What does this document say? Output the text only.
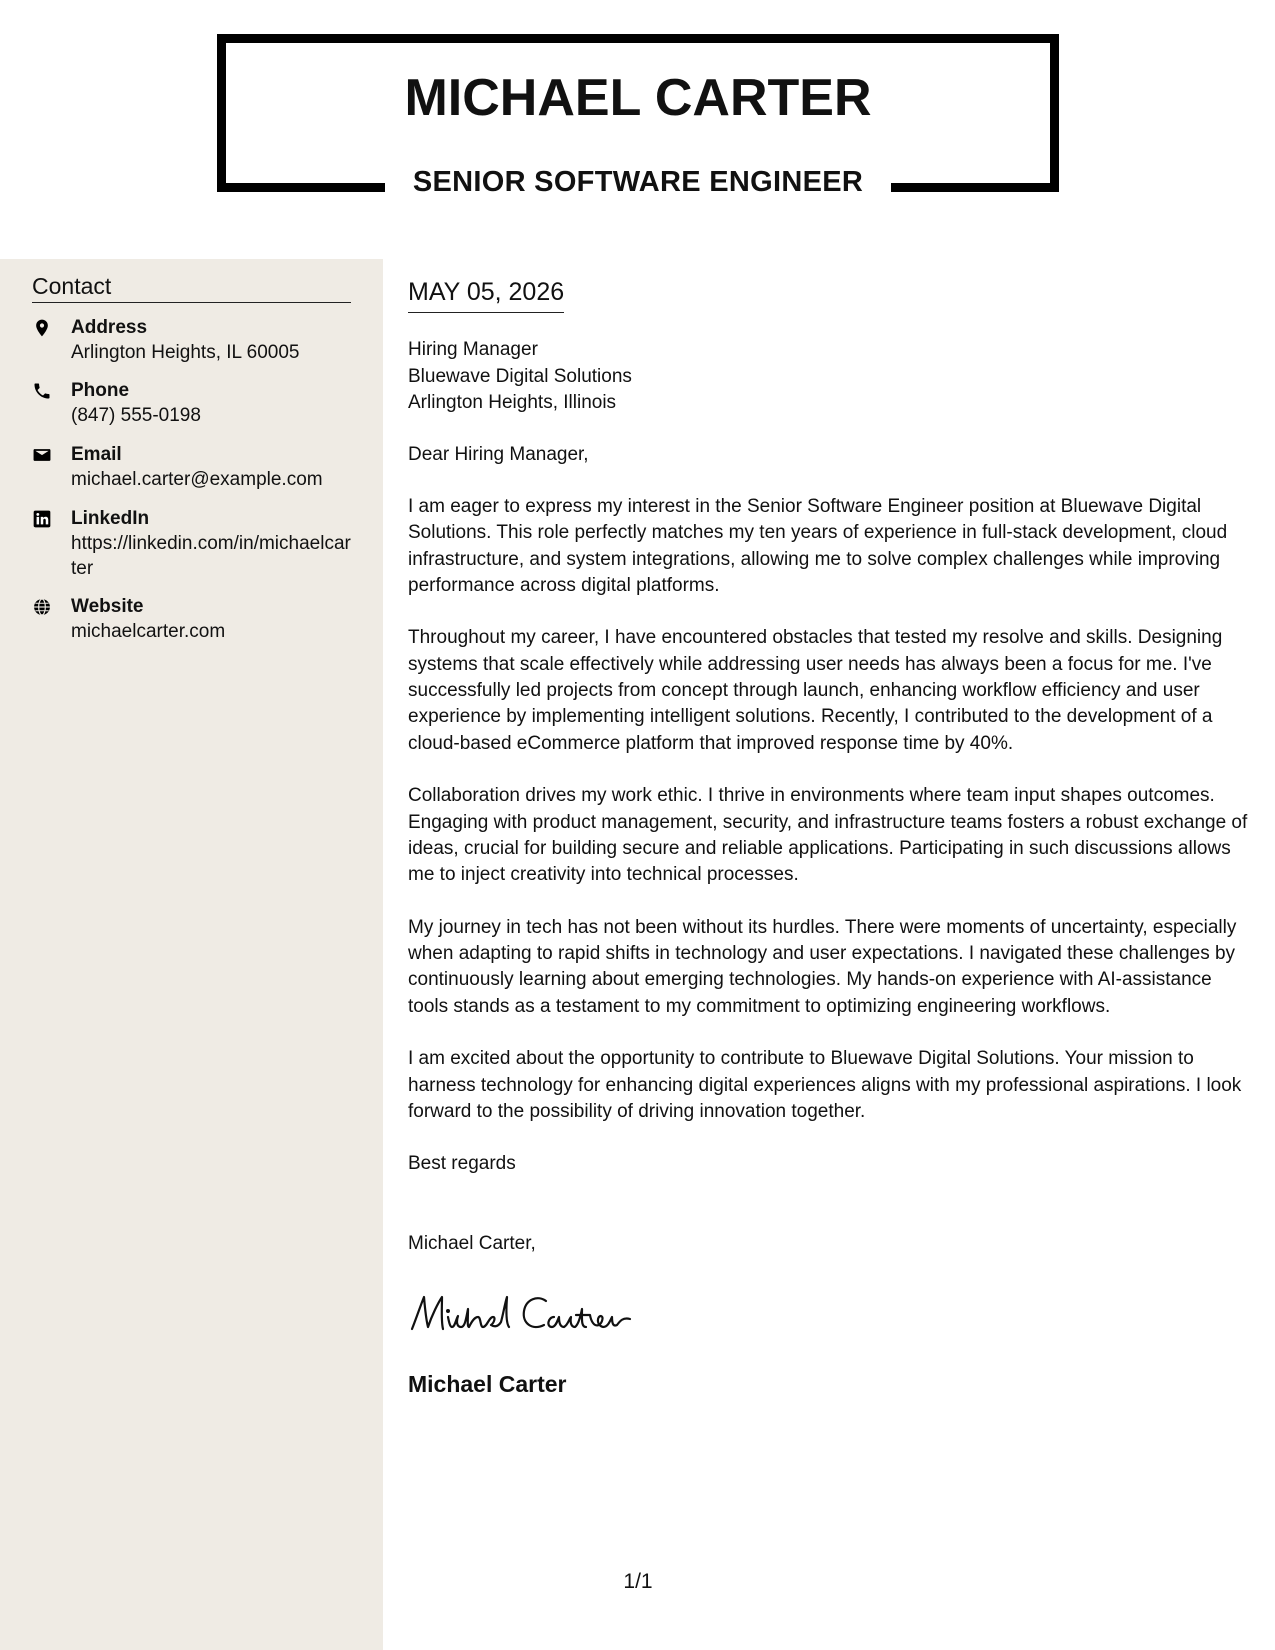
MICHAEL CARTER
SENIOR SOFTWARE ENGINEER
Contact
Address
Arlington Heights, IL 60005
Phone
(847) 555-0198
Email
michael.carter@example.com
LinkedIn
https://linkedin.com/in/michaelcarter
Website
michaelcarter.com
MAY 05, 2026
Hiring Manager
Bluewave Digital Solutions
Arlington Heights, Illinois
Dear Hiring Manager,

I am eager to express my interest in the Senior Software Engineer position at Bluewave Digital Solutions. This role perfectly matches my ten years of experience in full-stack development, cloud infrastructure, and system integrations, allowing me to solve complex challenges while improving performance across digital platforms.

Throughout my career, I have encountered obstacles that tested my resolve and skills. Designing systems that scale effectively while addressing user needs has always been a focus for me. I've successfully led projects from concept through launch, enhancing workflow efficiency and user experience by implementing intelligent solutions. Recently, I contributed to the development of a cloud-based eCommerce platform that improved response time by 40%.

Collaboration drives my work ethic. I thrive in environments where team input shapes outcomes. Engaging with product management, security, and infrastructure teams fosters a robust exchange of ideas, crucial for building secure and reliable applications. Participating in such discussions allows me to inject creativity into technical processes.

My journey in tech has not been without its hurdles. There were moments of uncertainty, especially when adapting to rapid shifts in technology and user expectations. I navigated these challenges by continuously learning about emerging technologies. My hands-on experience with AI-assistance tools stands as a testament to my commitment to optimizing engineering workflows.

I am excited about the opportunity to contribute to Bluewave Digital Solutions. Your mission to harness technology for enhancing digital experiences aligns with my professional aspirations. I look forward to the possibility of driving innovation together.

Best regards
Michael Carter,
Michael Carter
1/1
